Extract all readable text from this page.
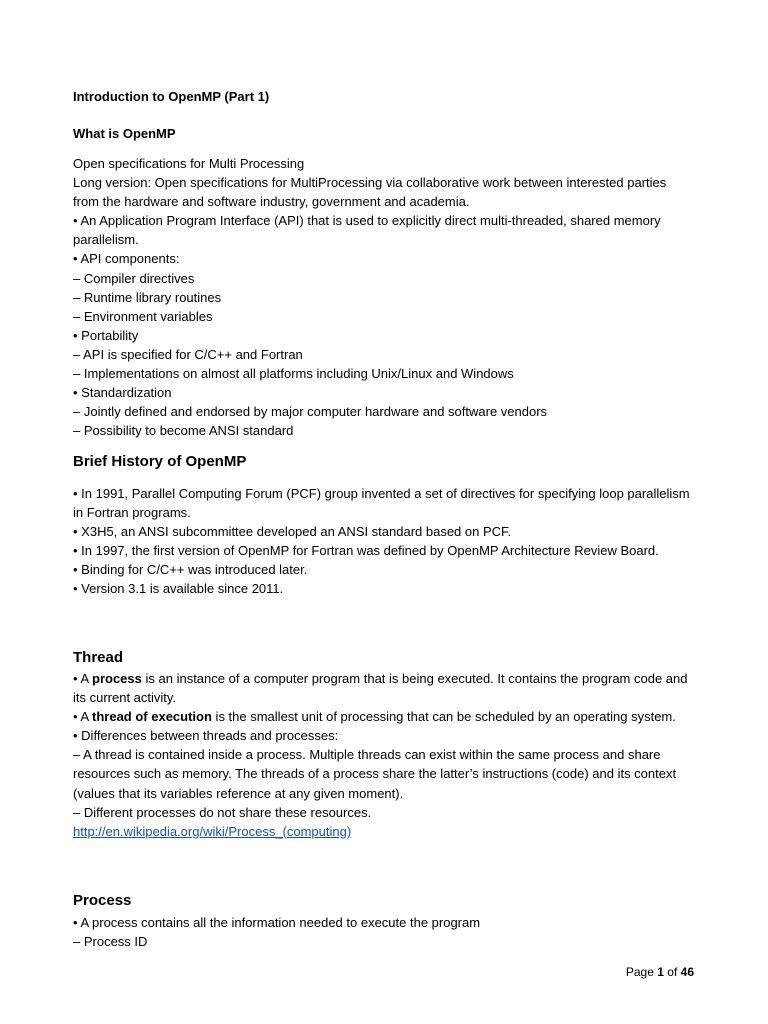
Introduction to OpenMP (Part 1)
What is OpenMP

Open specifications for Multi Processing

Long version: Open specifications for MultiProcessing via collaborative work between interested parties from the hardware and software industry, government and academia.

• An Application Program Interface (API) that is used to explicitly direct multi-threaded, shared memory parallelism.

• API components:

– Compiler directives

– Runtime library routines

– Environment variables

• Portability

– API is specified for C/C++ and Fortran

– Implementations on almost all platforms including Unix/Linux and Windows

• Standardization

– Jointly defined and endorsed by major computer hardware and software vendors

– Possibility to become ANSI standard

Brief History of OpenMP

• In 1991, Parallel Computing Forum (PCF) group invented a set of directives for specifying loop parallelism in Fortran programs.

• X3H5, an ANSI subcommittee developed an ANSI standard based on PCF.

• In 1997, the first version of OpenMP for Fortran was defined by OpenMP Architecture Review Board.

• Binding for C/C++ was introduced later.

• Version 3.1 is available since 2011.

Thread

• A process is an instance of a computer program that is being executed. It contains the program code and its current activity.

• A thread of execution is the smallest unit of processing that can be scheduled by an operating system.

• Differences between threads and processes:

– A thread is contained inside a process. Multiple threads can exist within the same process and share resources such as memory. The threads of a process share the latter’s instructions (code) and its context (values that its variables reference at any given moment).

– Different processes do not share these resources.

http://en.wikipedia.org/wiki/Process_(computing)

Process

• A process contains all the information needed to execute the program

– Process ID

Page 1 of 46
